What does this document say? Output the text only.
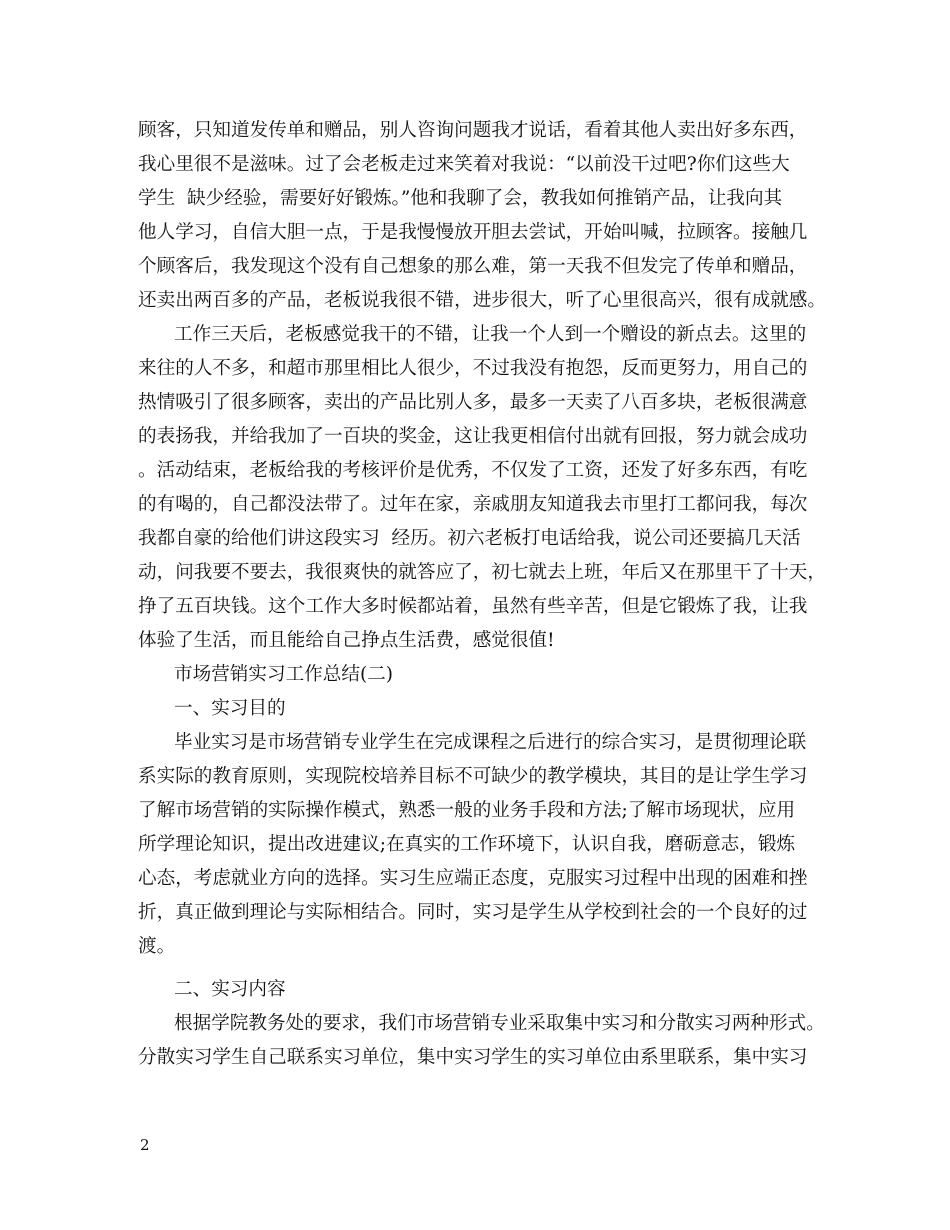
顾客，只知道发传单和赠品，别人咨询问题我才说话，看着其他人卖出好多东西，
我心里很不是滋味。过了会老板走过来笑着对我说：“以前没干过吧?你们这些大
学生  缺少经验，需要好好锻炼。”他和我聊了会，教我如何推销产品，让我向其
他人学习，自信大胆一点，于是我慢慢放开胆去尝试，开始叫喊，拉顾客。接触几
个顾客后，我发现这个没有自己想象的那么难，第一天我不但发完了传单和赠品，
还卖出两百多的产品，老板说我很不错，进步很大，听了心里很高兴，很有成就感。
工作三天后，老板感觉我干的不错，让我一个人到一个赠设的新点去。这里的
来往的人不多，和超市那里相比人很少，不过我没有抱怨，反而更努力，用自己的
热情吸引了很多顾客，卖出的产品比别人多，最多一天卖了八百多块，老板很满意
的表扬我，并给我加了一百块的奖金，这让我更相信付出就有回报，努力就会成功
。活动结束，老板给我的考核评价是优秀，不仅发了工资，还发了好多东西，有吃
的有喝的，自己都没法带了。过年在家，亲戚朋友知道我去市里打工都问我，每次
我都自豪的给他们讲这段实习  经历。初六老板打电话给我，说公司还要搞几天活
动，问我要不要去，我很爽快的就答应了，初七就去上班，年后又在那里干了十天，
挣了五百块钱。这个工作大多时候都站着，虽然有些辛苦，但是它锻炼了我，让我
体验了生活，而且能给自己挣点生活费，感觉很值!
市场营销实习工作总结(二)
一、实习目的
毕业实习是市场营销专业学生在完成课程之后进行的综合实习，是贯彻理论联
系实际的教育原则，实现院校培养目标不可缺少的教学模块，其目的是让学生学习
了解市场营销的实际操作模式，熟悉一般的业务手段和方法;了解市场现状，应用
所学理论知识，提出改进建议;在真实的工作环境下，认识自我，磨砺意志，锻炼
心态，考虑就业方向的选择。实习生应端正态度，克服实习过程中出现的困难和挫
折，真正做到理论与实际相结合。同时，实习是学生从学校到社会的一个良好的过
渡。
二、实习内容
根据学院教务处的要求，我们市场营销专业采取集中实习和分散实习两种形式。
分散实习学生自己联系实习单位，集中实习学生的实习单位由系里联系，集中实习
2
